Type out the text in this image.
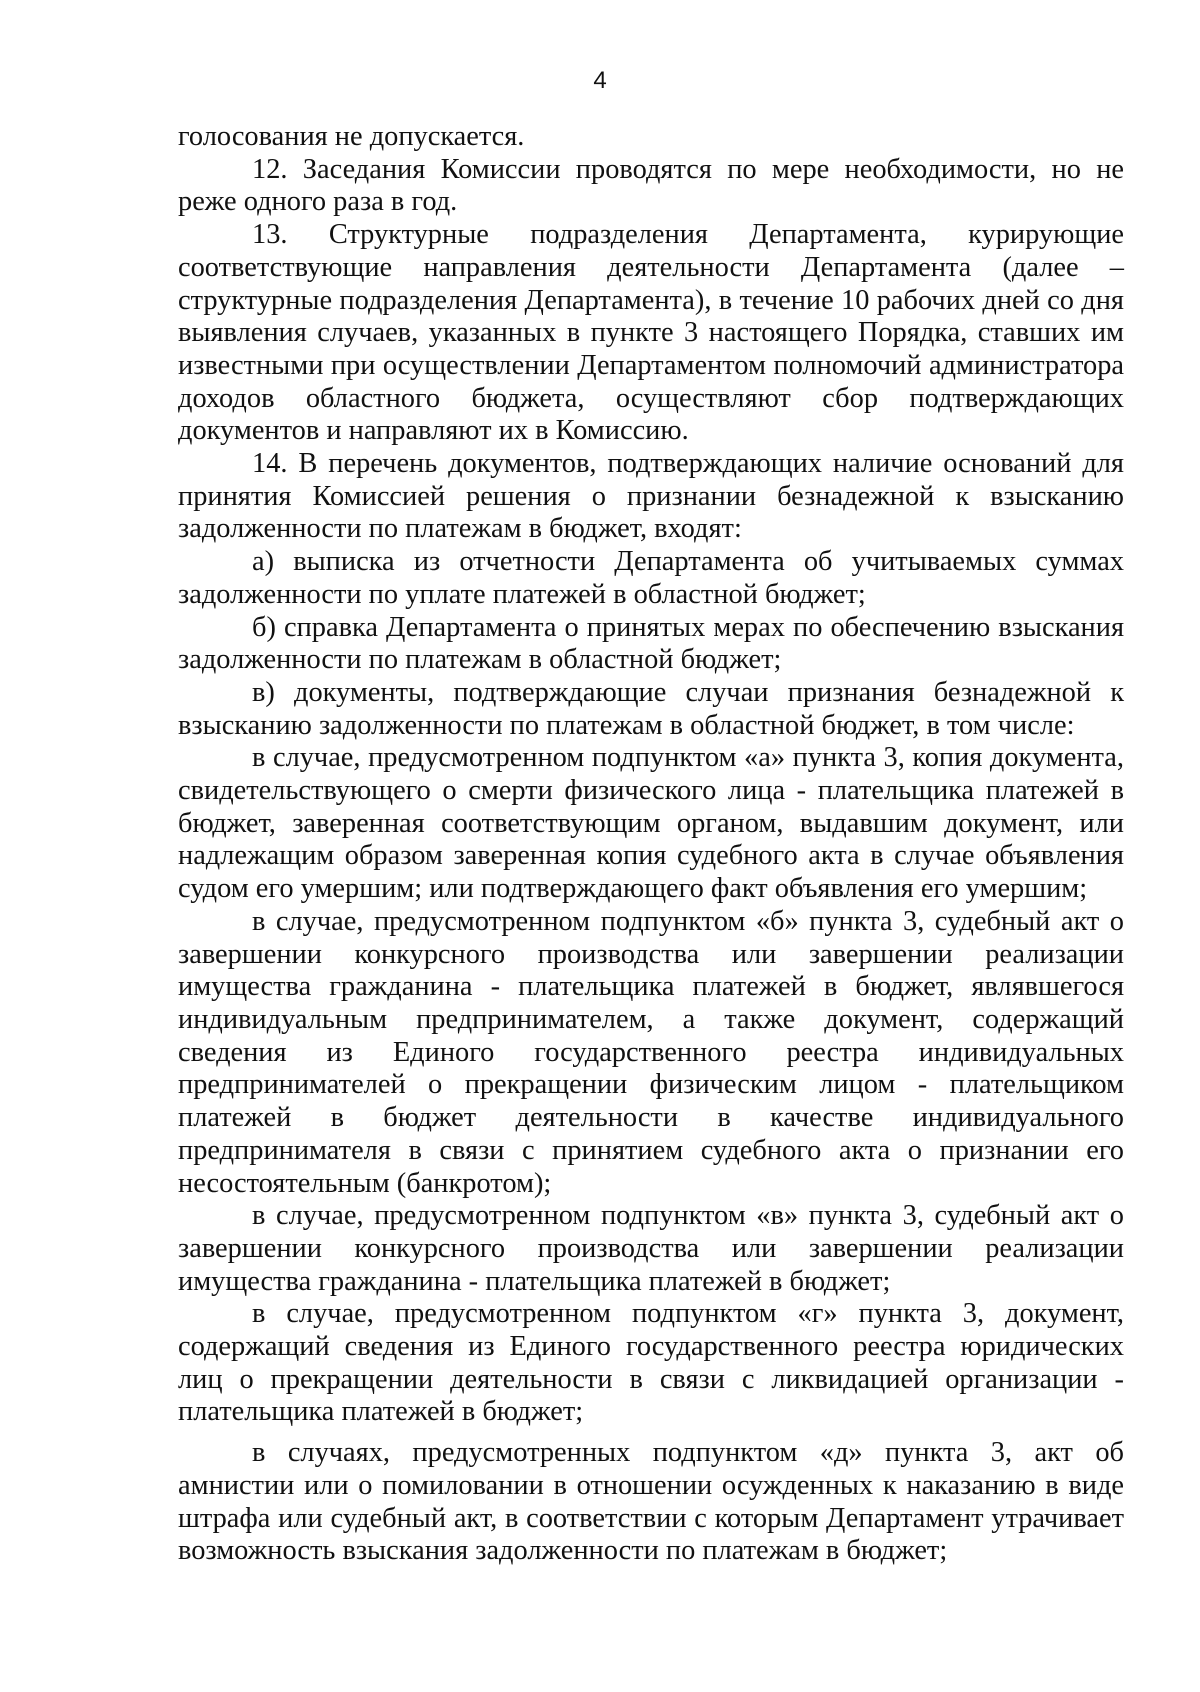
4

голосования не допускается.

12. Заседания Комиссии проводятся по мере необходимости, но не реже одного раза в год.

13. Структурные подразделения Департамента, курирующие соответствующие направления деятельности Департамента (далее – структурные подразделения Департамента), в течение 10 рабочих дней со дня выявления случаев, указанных в пункте 3 настоящего Порядка, ставших им известными при осуществлении Департаментом полномочий администратора доходов областного бюджета, осуществляют сбор подтверждающих документов и направляют их в Комиссию.

14. В перечень документов, подтверждающих наличие оснований для принятия Комиссией решения о признании безнадежной к взысканию задолженности по платежам в бюджет, входят:

а) выписка из отчетности Департамента об учитываемых суммах задолженности по уплате платежей в областной бюджет;

б) справка Департамента о принятых мерах по обеспечению взыскания задолженности по платежам в областной бюджет;

в) документы, подтверждающие случаи признания безнадежной к взысканию задолженности по платежам в областной бюджет, в том числе:

в случае, предусмотренном подпунктом «а» пункта 3, копия документа, свидетельствующего о смерти физического лица - плательщика платежей в бюджет, заверенная соответствующим органом, выдавшим документ, или надлежащим образом заверенная копия судебного акта в случае объявления судом его умершим; или подтверждающего факт объявления его умершим;

в случае, предусмотренном подпунктом «б» пункта 3, судебный акт о завершении конкурсного производства или завершении реализации имущества гражданина - плательщика платежей в бюджет, являвшегося индивидуальным предпринимателем, а также документ, содержащий сведения из Единого государственного реестра индивидуальных предпринимателей о прекращении физическим лицом - плательщиком платежей в бюджет деятельности в качестве индивидуального предпринимателя в связи с принятием судебного акта о признании его несостоятельным (банкротом);

в случае, предусмотренном подпунктом «в» пункта 3, судебный акт о завершении конкурсного производства или завершении реализации имущества гражданина - плательщика платежей в бюджет;

в случае, предусмотренном подпунктом «г» пункта 3, документ, содержащий сведения из Единого государственного реестра юридических лиц о прекращении деятельности в связи с ликвидацией организации - плательщика платежей в бюджет;

в случаях, предусмотренных подпунктом «д» пункта 3, акт об амнистии или о помиловании в отношении осужденных к наказанию в виде штрафа или судебный акт, в соответствии с которым Департамент утрачивает возможность взыскания задолженности по платежам в бюджет;
